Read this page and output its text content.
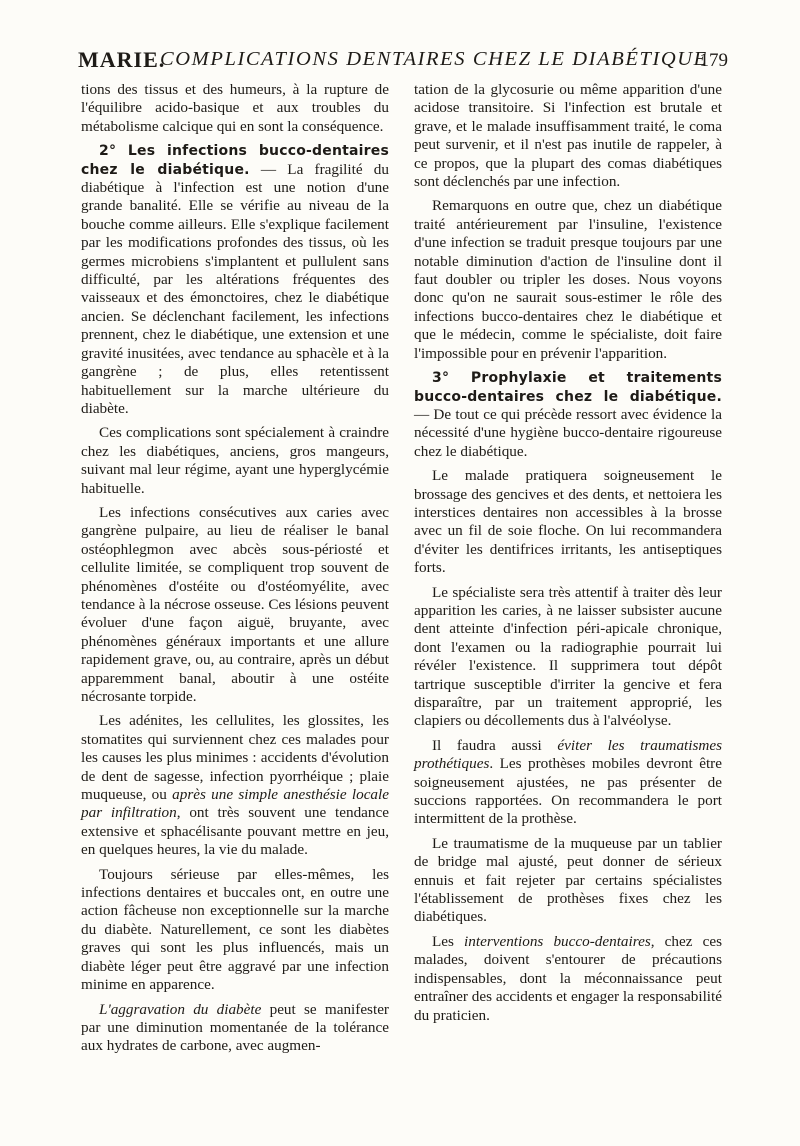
MARIE.
COMPLICATIONS DENTAIRES CHEZ LE DIABÉTIQUE
179

tions des tissus et des humeurs, à la rupture de l'équilibre acido-basique et aux troubles du métabolisme calcique qui en sont la conséquence.

2° Les infections bucco-dentaires chez le diabétique. — La fragilité du diabétique à l'infection est une notion d'une grande banalité. Elle se vérifie au niveau de la bouche comme ailleurs. Elle s'explique facilement par les modifications profondes des tissus, où les germes microbiens s'implantent et pullulent sans difficulté, par les altérations fréquentes des vaisseaux et des émonctoires, chez le diabétique ancien. Se déclenchant facilement, les infections prennent, chez le diabétique, une extension et une gravité inusitées, avec tendance au sphacèle et à la gangrène ; de plus, elles retentissent habituellement sur la marche ultérieure du diabète.

Ces complications sont spécialement à craindre chez les diabétiques, anciens, gros mangeurs, suivant mal leur régime, ayant une hyperglycémie habituelle.

Les infections consécutives aux caries avec gangrène pulpaire, au lieu de réaliser le banal ostéophlegmon avec abcès sous-périosté et cellulite limitée, se compliquent trop souvent de phénomènes d'ostéite ou d'ostéomyélite, avec tendance à la nécrose osseuse. Ces lésions peuvent évoluer d'une façon aiguë, bruyante, avec phénomènes généraux importants et une allure rapidement grave, ou, au contraire, après un début apparemment banal, aboutir à une ostéite nécrosante torpide.

Les adénites, les cellulites, les glossites, les stomatites qui surviennent chez ces malades pour les causes les plus minimes : accidents d'évolution de dent de sagesse, infection pyorrhéique ; plaie muqueuse, ou après une simple anesthésie locale par infiltration, ont très souvent une tendance extensive et sphacélisante pouvant mettre en jeu, en quelques heures, la vie du malade.

Toujours sérieuse par elles-mêmes, les infections dentaires et buccales ont, en outre une action fâcheuse non exceptionnelle sur la marche du diabète. Naturellement, ce sont les diabètes graves qui sont les plus influencés, mais un diabète léger peut être aggravé par une infection minime en apparence.

L'aggravation du diabète peut se manifester par une diminution momentanée de la tolérance aux hydrates de carbone, avec augmen-

tation de la glycosurie ou même apparition d'une acidose transitoire. Si l'infection est brutale et grave, et le malade insuffisamment traité, le coma peut survenir, et il n'est pas inutile de rappeler, à ce propos, que la plupart des comas diabétiques sont déclenchés par une infection.

Remarquons en outre que, chez un diabétique traité antérieurement par l'insuline, l'existence d'une infection se traduit presque toujours par une notable diminution d'action de l'insuline dont il faut doubler ou tripler les doses. Nous voyons donc qu'on ne saurait sous-estimer le rôle des infections bucco-dentaires chez le diabétique et que le médecin, comme le spécialiste, doit faire l'impossible pour en prévenir l'apparition.

3° Prophylaxie et traitements bucco-dentaires chez le diabétique. — De tout ce qui précède ressort avec évidence la nécessité d'une hygiène bucco-dentaire rigoureuse chez le diabétique.

Le malade pratiquera soigneusement le brossage des gencives et des dents, et nettoiera les interstices dentaires non accessibles à la brosse avec un fil de soie floche. On lui recommandera d'éviter les dentifrices irritants, les antiseptiques forts.

Le spécialiste sera très attentif à traiter dès leur apparition les caries, à ne laisser subsister aucune dent atteinte d'infection péri-apicale chronique, dont l'examen ou la radiographie pourrait lui révéler l'existence. Il supprimera tout dépôt tartrique susceptible d'irriter la gencive et fera disparaître, par un traitement approprié, les clapiers ou décollements dus à l'alvéolyse.

Il faudra aussi éviter les traumatismes prothétiques. Les prothèses mobiles devront être soigneusement ajustées, ne pas présenter de succions rapportées. On recommandera le port intermittent de la prothèse.

Le traumatisme de la muqueuse par un tablier de bridge mal ajusté, peut donner de sérieux ennuis et fait rejeter par certains spécialistes l'établissement de prothèses fixes chez les diabétiques.

Les interventions bucco-dentaires, chez ces malades, doivent s'entourer de précautions indispensables, dont la méconnaissance peut entraîner des accidents et engager la responsabilité du praticien.
